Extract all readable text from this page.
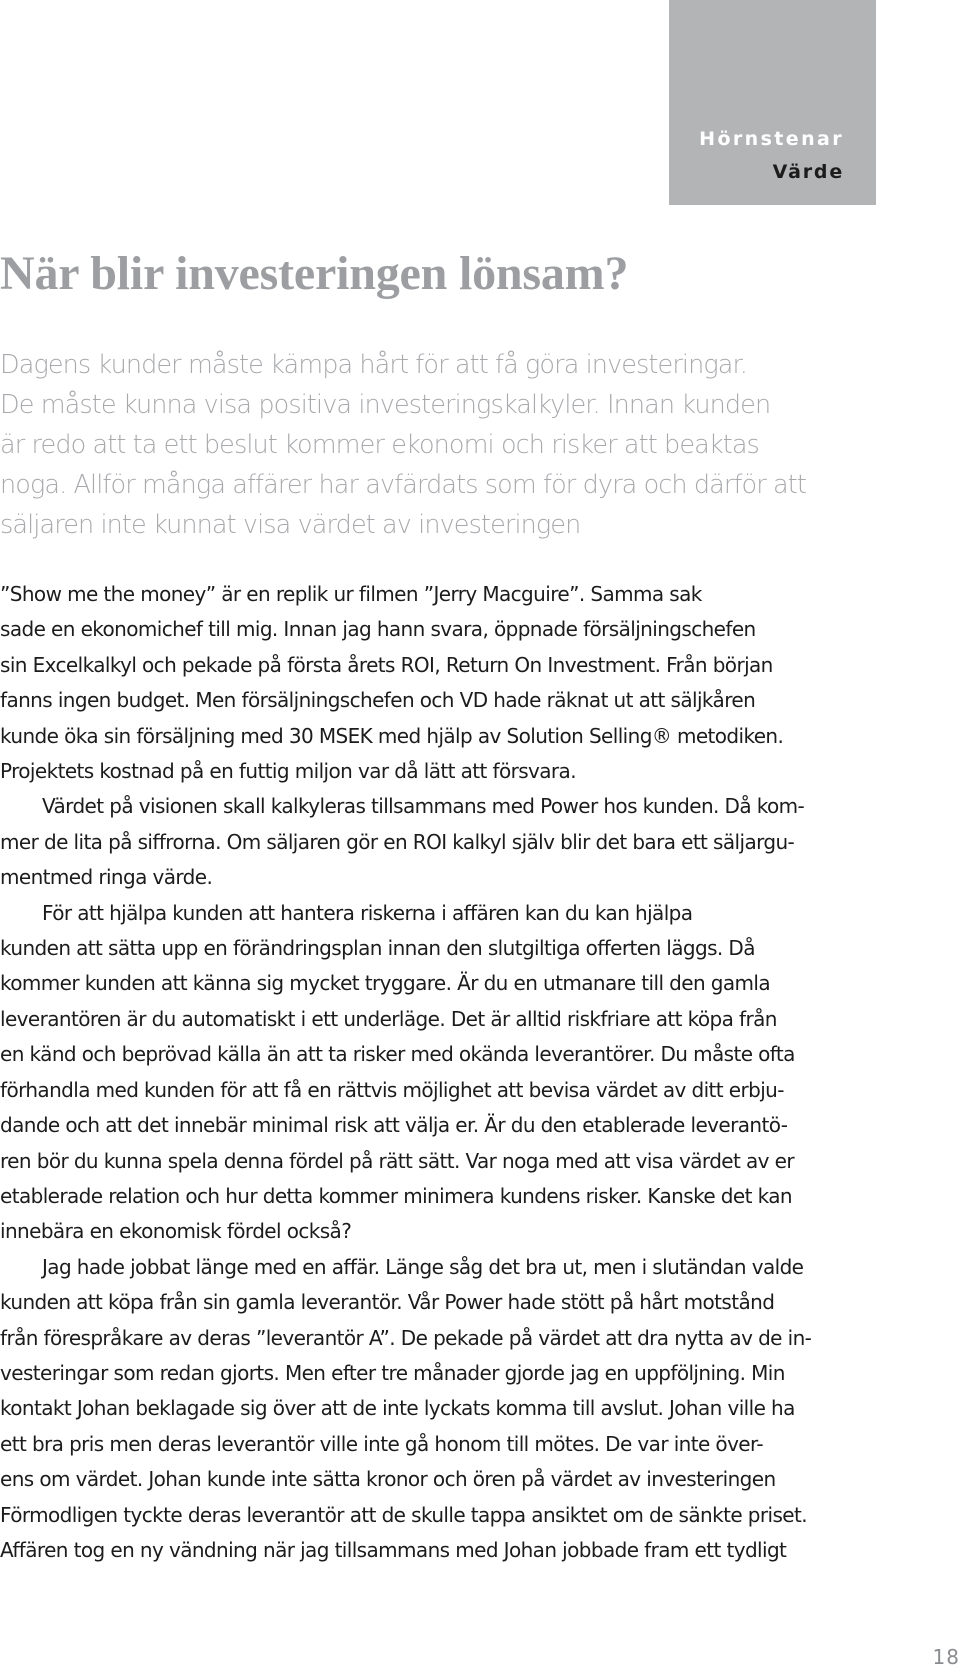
Hörnstenar
Värde
När blir investeringen lönsam?
Dagens kunder måste kämpa hårt för att få göra investeringar.
De måste kunna visa positiva investeringskalkyler. Innan kunden
är redo att ta ett beslut kommer ekonomi och risker att beaktas
noga. Allför många affärer har avfärdats som för dyra och därför att
säljaren inte kunnat visa värdet av investeringen
”Show me the money” är en replik ur filmen ”Jerry Macguire”. Samma sak
sade en ekonomichef till mig. Innan jag hann svara, öppnade försäljningschefen
sin Excelkalkyl och pekade på första årets ROI, Return On Investment. Från början
fanns ingen budget. Men försäljningschefen och VD hade räknat ut att säljkåren
kunde öka sin försäljning med 30 MSEK med hjälp av Solution Selling® metodiken.
Projektets kostnad på en futtig miljon var då lätt att försvara.
Värdet på visionen skall kalkyleras tillsammans med Power hos kunden. Då kom-
mer de lita på siffrorna. Om säljaren gör en ROI kalkyl själv blir det bara ett säljargu-
mentmed ringa värde.
För att hjälpa kunden att hantera riskerna i affären kan du kan hjälpa
kunden att sätta upp en förändringsplan innan den slutgiltiga offerten läggs. Då
kommer kunden att känna sig mycket tryggare. Är du en utmanare till den gamla
leverantören är du automatiskt i ett underläge. Det är alltid riskfriare att köpa från
en känd och beprövad källa än att ta risker med okända leverantörer. Du måste ofta
förhandla med kunden för att få en rättvis möjlighet att bevisa värdet av ditt erbju-
dande och att det innebär minimal risk att välja er. Är du den etablerade leverantö-
ren bör du kunna spela denna fördel på rätt sätt. Var noga med att visa värdet av er
etablerade relation och hur detta kommer minimera kundens risker. Kanske det kan
innebära en ekonomisk fördel också?
Jag hade jobbat länge med en affär. Länge såg det bra ut, men i slutändan valde
kunden att köpa från sin gamla leverantör. Vår Power hade stött på hårt motstånd
från förespråkare av deras ”leverantör A”. De pekade på värdet att dra nytta av de in-
vesteringar som redan gjorts. Men efter tre månader gjorde jag en uppföljning. Min
kontakt Johan beklagade sig över att de inte lyckats komma till avslut. Johan ville ha
ett bra pris men deras leverantör ville inte gå honom till mötes. De var inte över-
ens om värdet. Johan kunde inte sätta kronor och ören på värdet av investeringen
Förmodligen tyckte deras leverantör att de skulle tappa ansiktet om de sänkte priset.
Affären tog en ny vändning när jag tillsammans med Johan jobbade fram ett tydligt
18
